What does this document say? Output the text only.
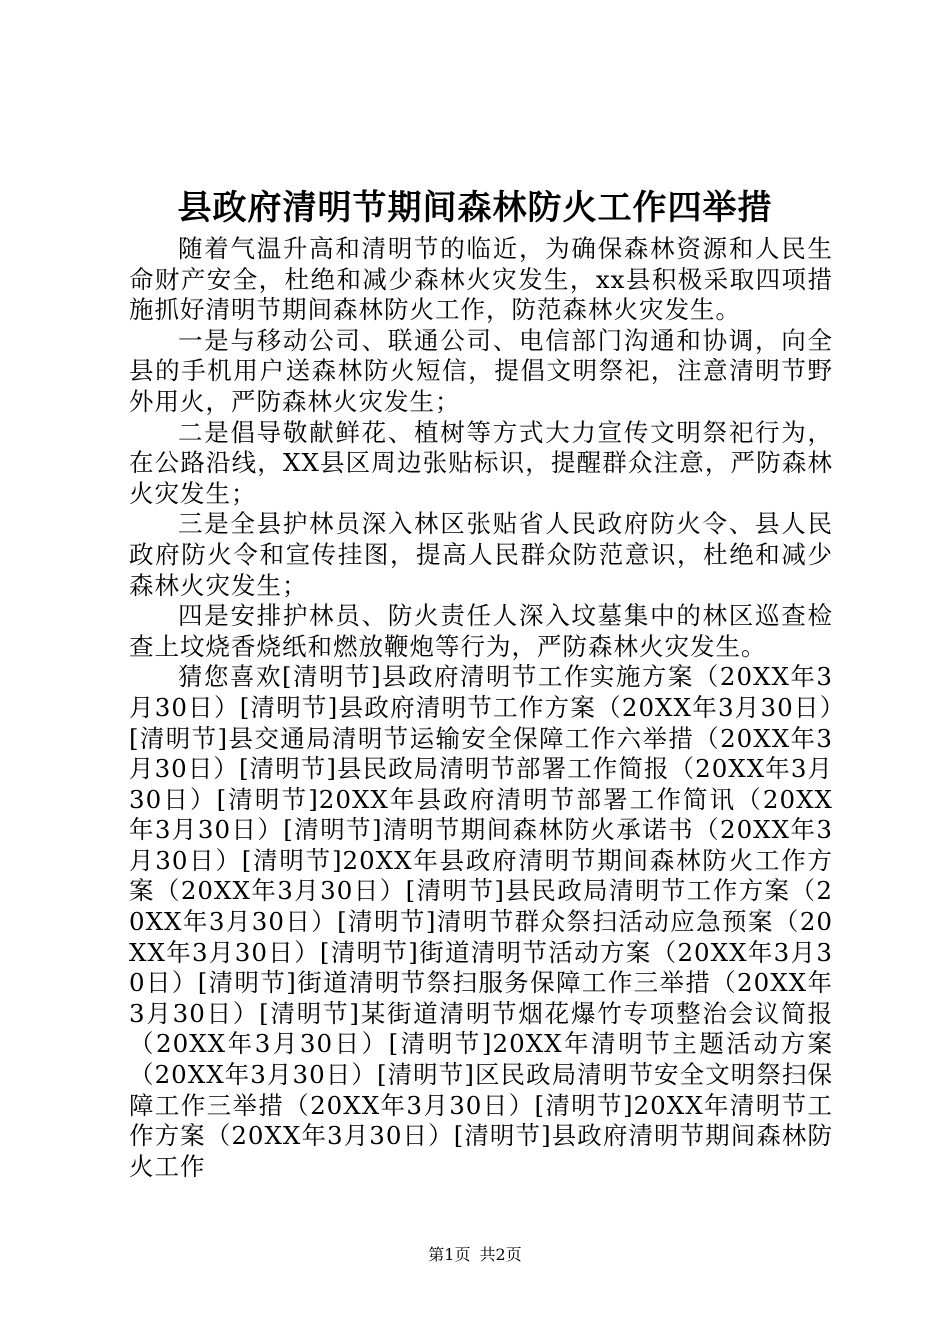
县政府清明节期间森林防火工作四举措

随着气温升高和清明节的临近，为确保森林资源和人民生命财产安全，杜绝和减少森林火灾发生，xx县积极采取四项措施抓好清明节期间森林防火工作，防范森林火灾发生。

一是与移动公司、联通公司、电信部门沟通和协调，向全县的手机用户送森林防火短信，提倡文明祭祀，注意清明节野外用火，严防森林火灾发生；

二是倡导敬献鲜花、植树等方式大力宣传文明祭祀行为，在公路沿线，XX县区周边张贴标识，提醒群众注意，严防森林火灾发生；

三是全县护林员深入林区张贴省人民政府防火令、县人民政府防火令和宣传挂图，提高人民群众防范意识，杜绝和减少森林火灾发生；

四是安排护林员、防火责任人深入坟墓集中的林区巡查检查上坟烧香烧纸和燃放鞭炮等行为，严防森林火灾发生。

猜您喜欢[清明节]县政府清明节工作实施方案（20XX年3月30日）[清明节]县政府清明节工作方案（20XX年3月30日）[清明节]县交通局清明节运输安全保障工作六举措（20XX年3月30日）[清明节]县民政局清明节部署工作简报（20XX年3月30日）[清明节]20XX年县政府清明节部署工作简讯（20XX年3月30日）[清明节]清明节期间森林防火承诺书（20XX年3月30日）[清明节]20XX年县政府清明节期间森林防火工作方案（20XX年3月30日）[清明节]县民政局清明节工作方案（20XX年3月30日）[清明节]清明节群众祭扫活动应急预案（20XX年3月30日）[清明节]街道清明节活动方案（20XX年3月30日）[清明节]街道清明节祭扫服务保障工作三举措（20XX年3月30日）[清明节]某街道清明节烟花爆竹专项整治会议简报（20XX年3月30日）[清明节]20XX年清明节主题活动方案（20XX年3月30日）[清明节]区民政局清明节安全文明祭扫保障工作三举措（20XX年3月30日）[清明节]20XX年清明节工作方案（20XX年3月30日）[清明节]县政府清明节期间森林防火工作

第1页 共2页
